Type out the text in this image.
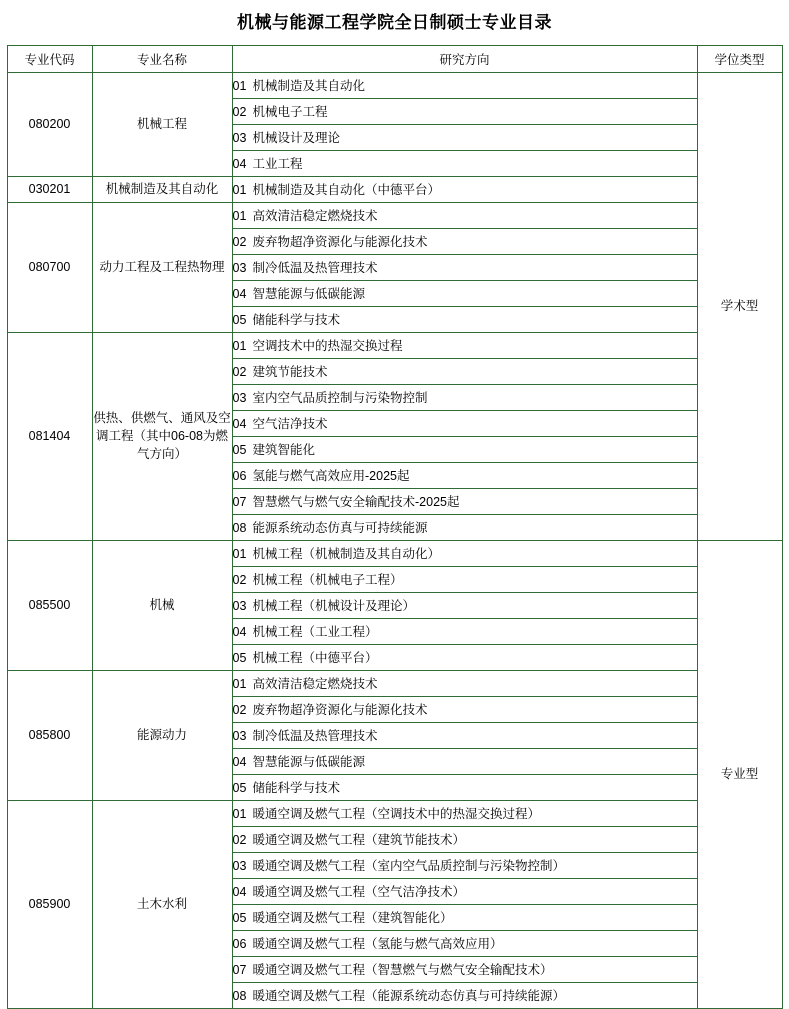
机械与能源工程学院全日制硕士专业目录
专业代码	专业名称	研究方向	学位类型
080200	机械工程	01 机械制造及其自动化	学术型
		02 机械电子工程	
		03 机械设计及理论	
		04 工业工程	
030201	机械制造及其自动化	01 机械制造及其自动化（中德平台）	
080700	动力工程及工程热物理	01 高效清洁稳定燃烧技术	
		02 废弃物超净资源化与能源化技术	
		03 制冷低温及热管理技术	
		04 智慧能源与低碳能源	
		05 储能科学与技术	
081404	供热、供燃气、通风及空调工程（其中06-08为燃气方向）	01 空调技术中的热湿交换过程	
		02 建筑节能技术	
		03 室内空气品质控制与污染物控制	
		04 空气洁净技术	
		05 建筑智能化	
		06 氢能与燃气高效应用-2025起	
		07 智慧燃气与燃气安全输配技术-2025起	
		08 能源系统动态仿真与可持续能源	
085500	机械	01 机械工程（机械制造及其自动化）	专业型
		02 机械工程（机械电子工程）	
		03 机械工程（机械设计及理论）	
		04 机械工程（工业工程）	
		05 机械工程（中德平台）	
085800	能源动力	01 高效清洁稳定燃烧技术	
		02 废弃物超净资源化与能源化技术	
		03 制冷低温及热管理技术	
		04 智慧能源与低碳能源	
		05 储能科学与技术	
085900	土木水利	01 暖通空调及燃气工程（空调技术中的热湿交换过程）	
		02 暖通空调及燃气工程（建筑节能技术）	
		03 暖通空调及燃气工程（室内空气品质控制与污染物控制）	
		04 暖通空调及燃气工程（空气洁净技术）	
		05 暖通空调及燃气工程（建筑智能化）	
		06 暖通空调及燃气工程（氢能与燃气高效应用）	
		07 暖通空调及燃气工程（智慧燃气与燃气安全输配技术）	
		08 暖通空调及燃气工程（能源系统动态仿真与可持续能源）	
